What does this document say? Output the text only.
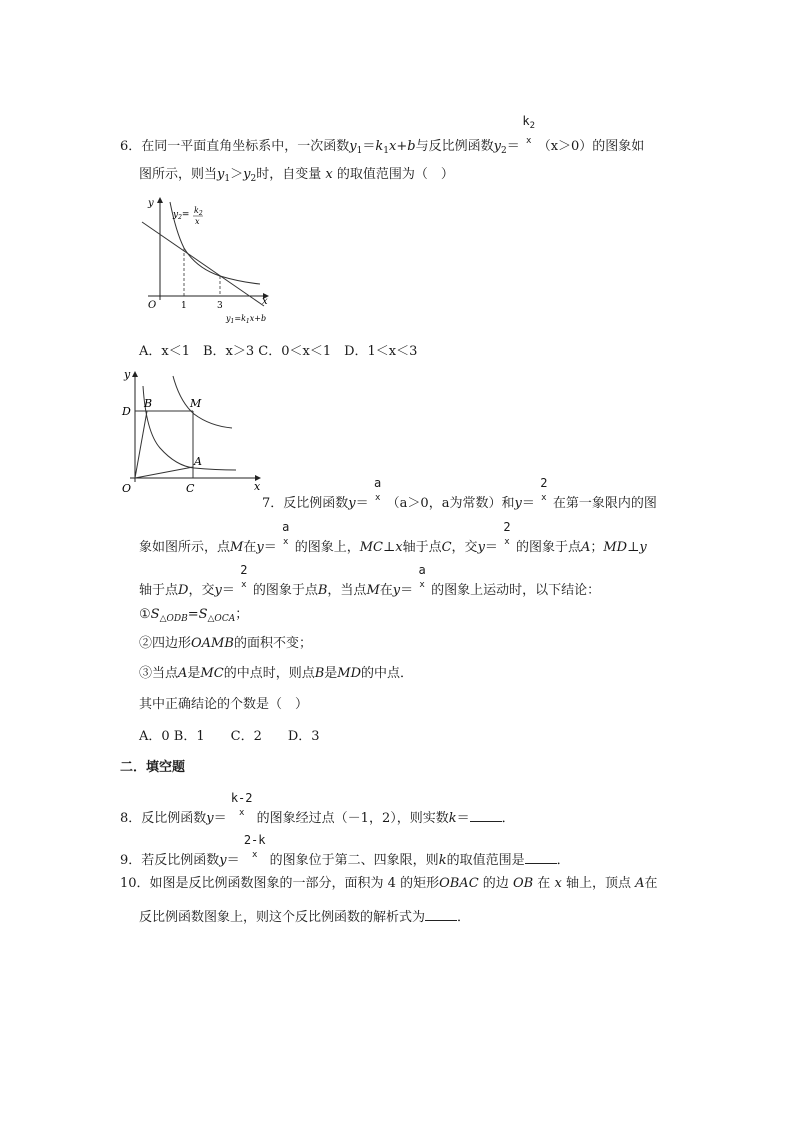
6．在同一平面直角坐标系中，一次函数$y_1=k_1x+b$与反比例函数$y_2=$
$k_2$
x （x＞0）的图象如
图所示，则当$y_1>y_2$时，自变量 x 的取值范围为（　）
y
x
O	1	3
$y_2= k_2$
x
$y_1=k_1x+b$
A．x＜1　B．x＞3 C．0＜x＜1　D．1＜x＜3
y
x
O
D
B	M
A
C
7．反比例函数y＝
a
x （a＞0，a为常数）和y＝
2
x 在第一象限内的图
象如图所示，点M在y＝
a
x 的图象上，MC⊥x轴于点C，交y＝
2
x 的图象于点A；MD⊥y
轴于点D，交y＝
2
x 的图象于点B，当点M在y＝
a
x 的图象上运动时，以下结论：
$①S_{\triangle ODB}=S_{\triangle OCA}$；
②四边形OAMB的面积不变；
③当点A是MC的中点时，则点B是MD的中点．
其中正确结论的个数是（　）
A．0 B．1　　C．2　　D．3
二．填空题
8．反比例函数y＝
k-2
x 的图象经过点（－1，2），则实数k＝ ．
9．若反比例函数y＝
2-k
x 的图象位于第二、四象限，则k的取值范围是 ．
10．如图是反比例函数图象的一部分，面积为 4 的矩形OBAC 的边 OB 在 x 轴上，顶点 A在
反比例函数图象上，则这个反比例函数的解析式为 ．
